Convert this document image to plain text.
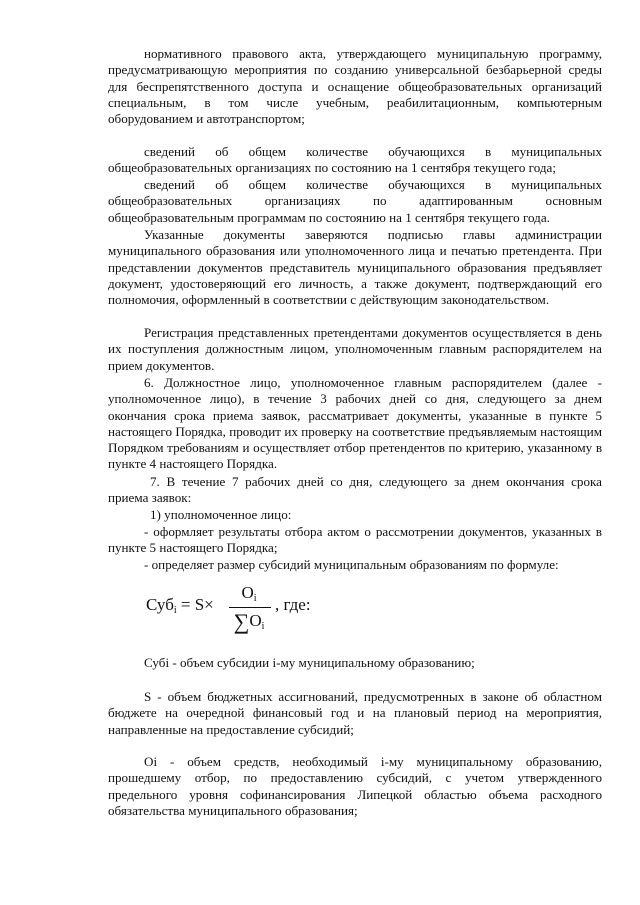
нормативного правового акта, утверждающего муниципальную программу, предусматривающую мероприятия по созданию универсальной безбарьерной среды для беспрепятственного доступа и оснащение общеобразовательных организаций специальным, в том числе учебным, реабилитационным, компьютерным оборудованием и автотранспортом;

сведений об общем количестве обучающихся в муниципальных общеобразовательных организациях по состоянию на 1 сентября текущего года;

сведений об общем количестве обучающихся в муниципальных общеобразовательных организациях по адаптированным основным общеобразовательным программам по состоянию на 1 сентября текущего года.

Указанные документы заверяются подписью главы администрации муниципального образования или уполномоченного лица и печатью претендента. При представлении документов представитель муниципального образования предъявляет документ, удостоверяющий его личность, а также документ, подтверждающий его полномочия, оформленный в соответствии с действующим законодательством.

Регистрация представленных претендентами документов осуществляется в день их поступления должностным лицом, уполномоченным главным распорядителем на прием документов.

6. Должностное лицо, уполномоченное главным распорядителем (далее - уполномоченное лицо), в течение 3 рабочих дней со дня, следующего за днем окончания срока приема заявок, рассматривает документы, указанные в пункте 5 настоящего Порядка, проводит их проверку на соответствие предъявляемым настоящим Порядком требованиям и осуществляет отбор претендентов по критерию, указанному в пункте 4 настоящего Порядка.

7. В течение 7 рабочих дней со дня, следующего за днем окончания срока приема заявок:

1) уполномоченное лицо:

- оформляет результаты отбора актом о рассмотрении документов, указанных в пункте 5 настоящего Порядка;

- определяет размер субсидий муниципальным образованиям по формуле:

Субi = S×
Oi
∑Oi
, где:

Субi - объем субсидии i-му муниципальному образованию;

S - объем бюджетных ассигнований, предусмотренных в законе об областном бюджете на очередной финансовый год и на плановый период на мероприятия, направленные на предоставление субсидий;

Oi - объем средств, необходимый i-му муниципальному образованию, прошедшему отбор, по предоставлению субсидий, с учетом утвержденного предельного уровня софинансирования Липецкой областью объема расходного обязательства муниципального образования;
